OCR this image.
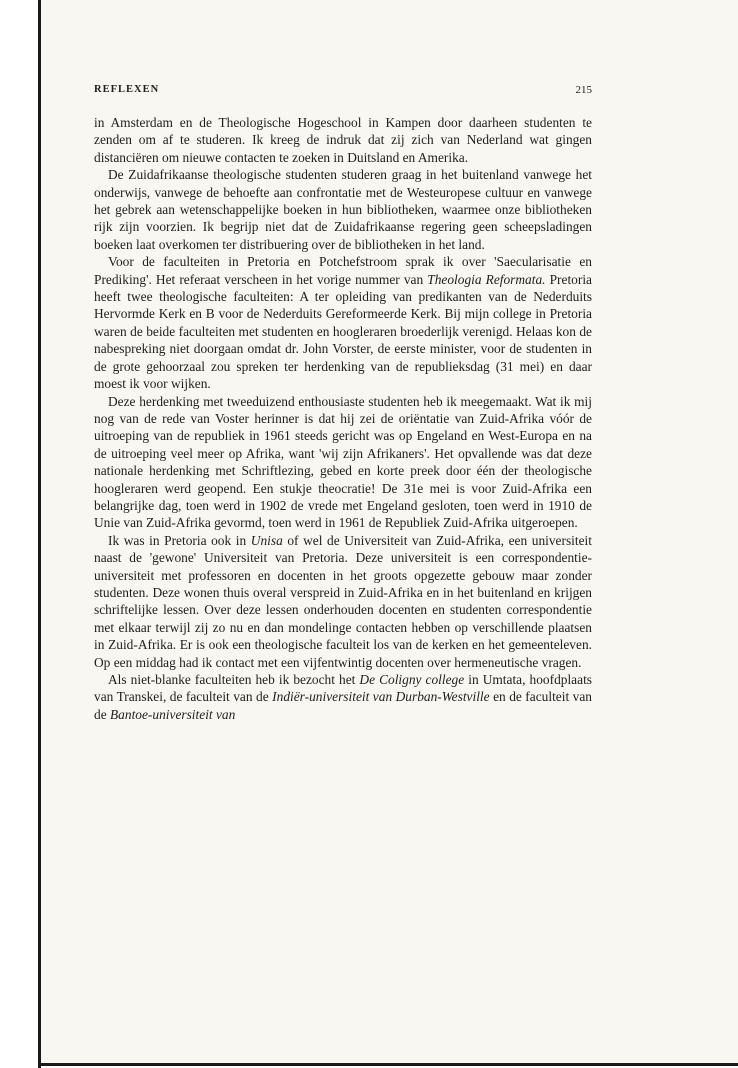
REFLEXEN	215

in Amsterdam en de Theologische Hogeschool in Kampen door daarheen studenten te zenden om af te studeren. Ik kreeg de indruk dat zij zich van Nederland wat gingen distanciëren om nieuwe contacten te zoeken in Duitsland en Amerika.

De Zuidafrikaanse theologische studenten studeren graag in het buitenland vanwege het onderwijs, vanwege de behoefte aan confrontatie met de Westeuropese cultuur en vanwege het gebrek aan wetenschappelijke boeken in hun bibliotheken, waarmee onze bibliotheken rijk zijn voorzien. Ik begrijp niet dat de Zuidafrikaanse regering geen scheepsladingen boeken laat overkomen ter distribuering over de bibliotheken in het land.

Voor de faculteiten in Pretoria en Potchefstroom sprak ik over 'Saecularisatie en Prediking'. Het referaat verscheen in het vorige nummer van Theologia Reformata. Pretoria heeft twee theologische faculteiten: A ter opleiding van predikanten van de Nederduits Hervormde Kerk en B voor de Nederduits Gereformeerde Kerk. Bij mijn college in Pretoria waren de beide faculteiten met studenten en hoogleraren broederlijk verenigd. Helaas kon de nabespreking niet doorgaan omdat dr. John Vorster, de eerste minister, voor de studenten in de grote gehoorzaal zou spreken ter herdenking van de republieksdag (31 mei) en daar moest ik voor wijken.

Deze herdenking met tweeduizend enthousiaste studenten heb ik meegemaakt. Wat ik mij nog van de rede van Voster herinner is dat hij zei de oriëntatie van Zuid-Afrika vóór de uitroeping van de republiek in 1961 steeds gericht was op Engeland en West-Europa en na de uitroeping veel meer op Afrika, want 'wij zijn Afrikaners'. Het opvallende was dat deze nationale herdenking met Schriftlezing, gebed en korte preek door één der theologische hoogleraren werd geopend. Een stukje theocratie! De 31e mei is voor Zuid-Afrika een belangrijke dag, toen werd in 1902 de vrede met Engeland gesloten, toen werd in 1910 de Unie van Zuid-Afrika gevormd, toen werd in 1961 de Republiek Zuid-Afrika uitgeroepen.

Ik was in Pretoria ook in Unisa of wel de Universiteit van Zuid-Afrika, een universiteit naast de 'gewone' Universiteit van Pretoria. Deze universiteit is een correspondentie-universiteit met professoren en docenten in het groots opgezette gebouw maar zonder studenten. Deze wonen thuis overal verspreid in Zuid-Afrika en in het buitenland en krijgen schriftelijke lessen. Over deze lessen onderhouden docenten en studenten correspondentie met elkaar terwijl zij zo nu en dan mondelinge contacten hebben op verschillende plaatsen in Zuid-Afrika. Er is ook een theologische faculteit los van de kerken en het gemeenteleven. Op een middag had ik contact met een vijfentwintig docenten over hermeneutische vragen.

Als niet-blanke faculteiten heb ik bezocht het De Coligny college in Umtata, hoofdplaats van Transkei, de faculteit van de Indiër-universiteit van Durban-Westville en de faculteit van de Bantoe-universiteit van
